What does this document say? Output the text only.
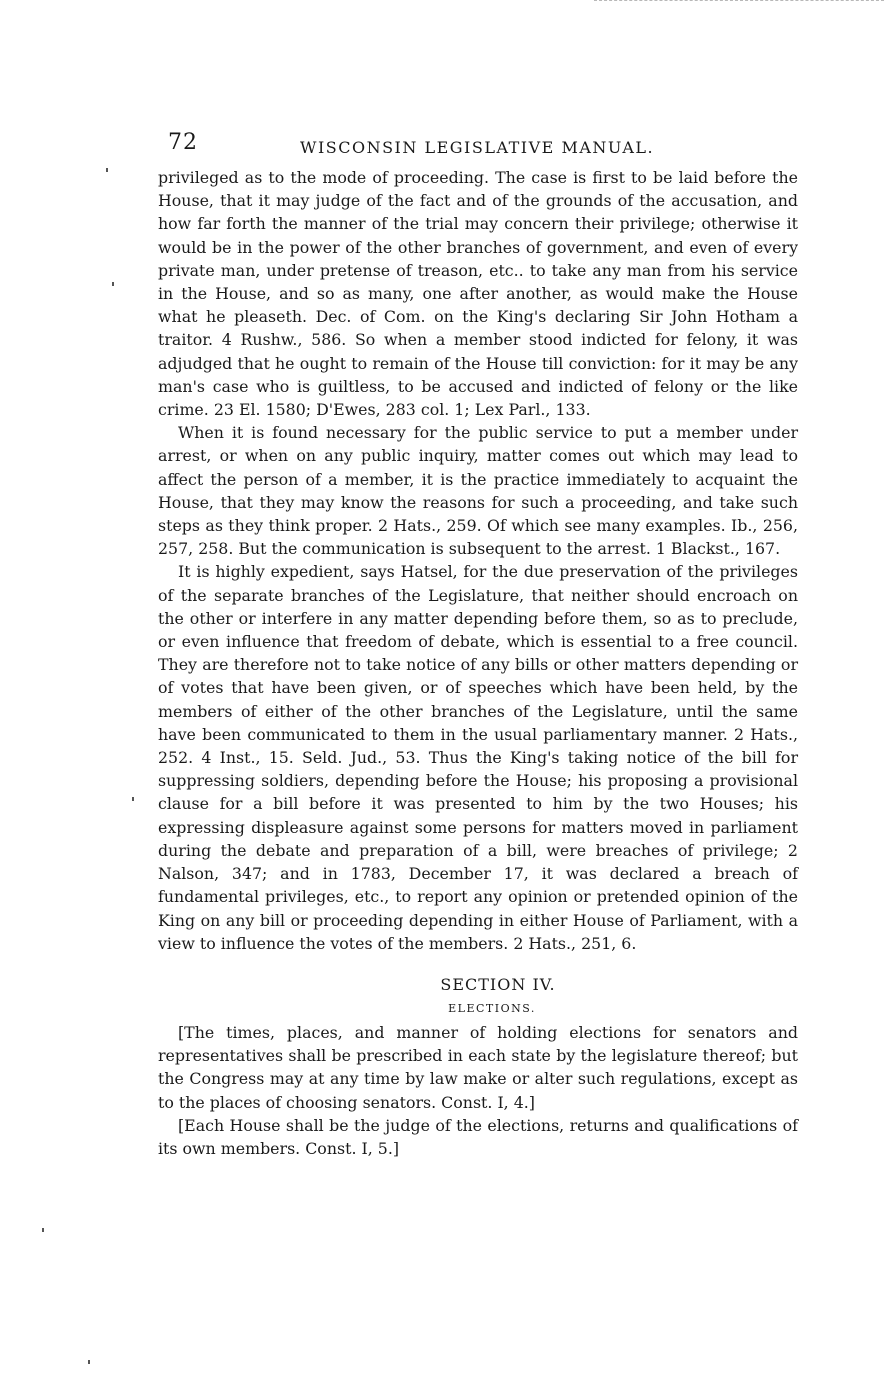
72	WISCONSIN LEGISLATIVE MANUAL.

privileged as to the mode of proceeding. The case is first to be laid before the House, that it may judge of the fact and of the grounds of the accusation, and how far forth the manner of the trial may concern their privilege; otherwise it would be in the power of the other branches of government, and even of every private man, under pretense of treason, etc.. to take any man from his service in the House, and so as many, one after another, as would make the House what he pleaseth. Dec. of Com. on the King's declaring Sir John Hotham a traitor. 4 Rushw., 586. So when a member stood indicted for felony, it was adjudged that he ought to remain of the House till conviction: for it may be any man's case who is guiltless, to be accused and indicted of felony or the like crime. 23 El. 1580; D'Ewes, 283 col. 1; Lex Parl., 133.

When it is found necessary for the public service to put a member under arrest, or when on any public inquiry, matter comes out which may lead to affect the person of a member, it is the practice immediately to acquaint the House, that they may know the reasons for such a proceeding, and take such steps as they think proper. 2 Hats., 259. Of which see many examples. Ib., 256, 257, 258. But the communication is subsequent to the arrest. 1 Blackst., 167.

It is highly expedient, says Hatsel, for the due preservation of the privileges of the separate branches of the Legislature, that neither should encroach on the other or interfere in any matter depending before them, so as to preclude, or even influence that freedom of debate, which is essential to a free council. They are therefore not to take notice of any bills or other matters depending or of votes that have been given, or of speeches which have been held, by the members of either of the other branches of the Legislature, until the same have been communicated to them in the usual parliamentary manner. 2 Hats., 252. 4 Inst., 15. Seld. Jud., 53. Thus the King's taking notice of the bill for suppressing soldiers, depending before the House; his proposing a provisional clause for a bill before it was presented to him by the two Houses; his expressing displeasure against some persons for matters moved in parliament during the debate and preparation of a bill, were breaches of privilege; 2 Nalson, 347; and in 1783, December 17, it was declared a breach of fundamental privileges, etc., to report any opinion or pretended opinion of the King on any bill or proceeding depending in either House of Parliament, with a view to influence the votes of the members. 2 Hats., 251, 6.

SECTION IV.
ELECTIONS.

[The times, places, and manner of holding elections for senators and representatives shall be prescribed in each state by the legislature thereof; but the Congress may at any time by law make or alter such regulations, except as to the places of choosing senators. Const. I, 4.]

[Each House shall be the judge of the elections, returns and qualifications of its own members. Const. I, 5.]
